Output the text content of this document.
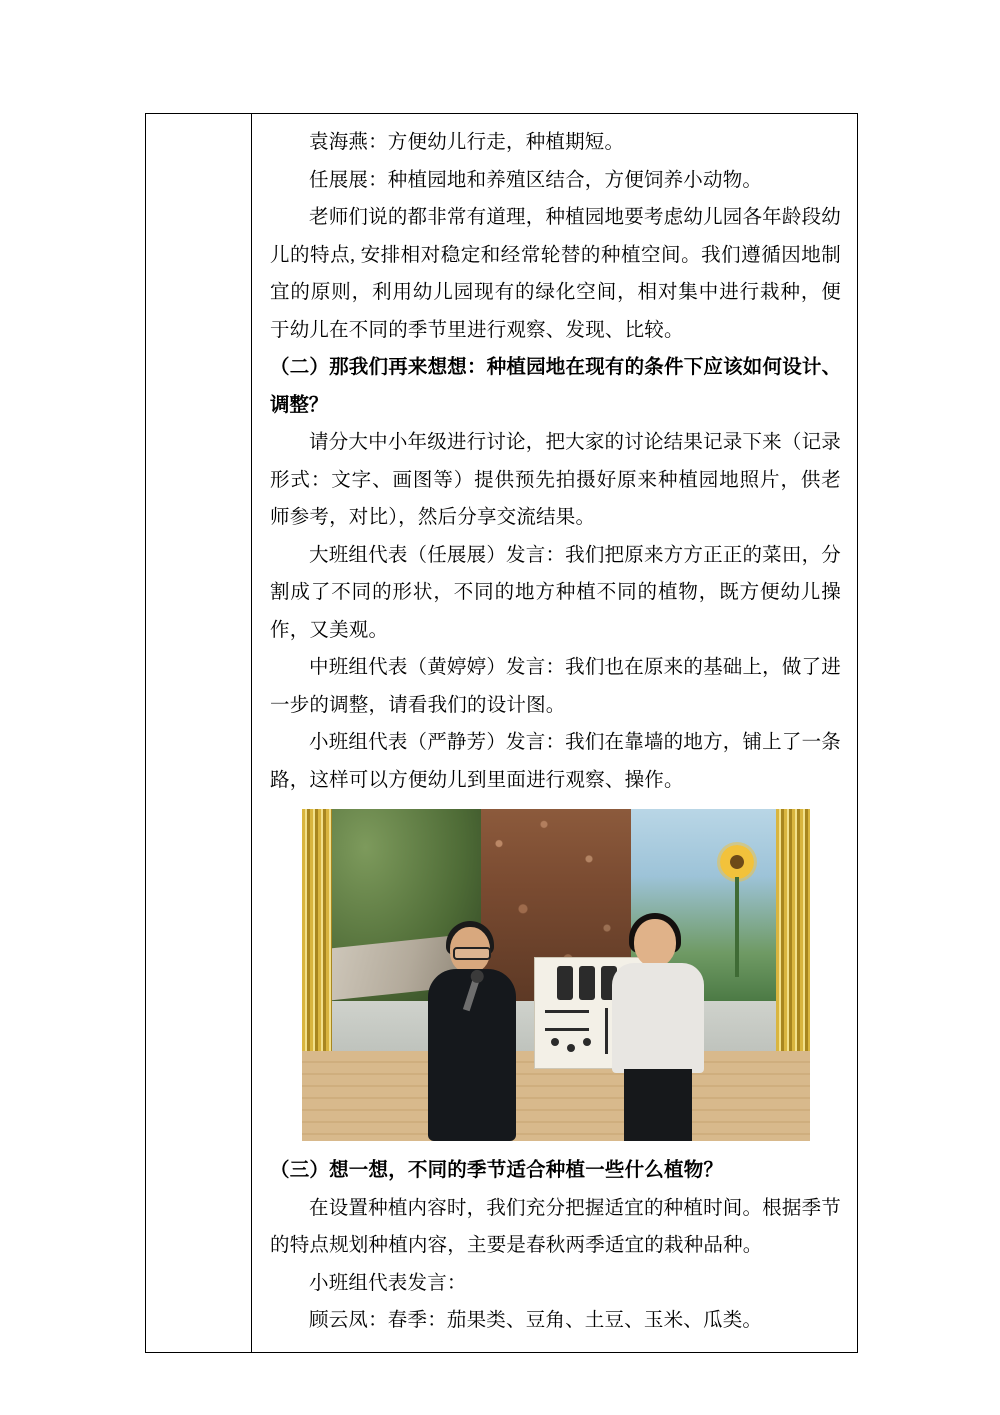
袁海燕：方便幼儿行走，种植期短。

任展展：种植园地和养殖区结合，方便饲养小动物。

老师们说的都非常有道理，种植园地要考虑幼儿园各年龄段幼儿的特点, 安排相对稳定和经常轮替的种植空间。我们遵循因地制宜的原则，利用幼儿园现有的绿化空间，相对集中进行栽种，便于幼儿在不同的季节里进行观察、发现、比较。

（二）那我们再来想想：种植园地在现有的条件下应该如何设计、调整？

请分大中小年级进行讨论，把大家的讨论结果记录下来（记录形式：文字、画图等）提供预先拍摄好原来种植园地照片，供老师参考，对比），然后分享交流结果。

大班组代表（任展展）发言：我们把原来方方正正的菜田，分割成了不同的形状，不同的地方种植不同的植物，既方便幼儿操作，又美观。

中班组代表（黄婷婷）发言：我们也在原来的基础上，做了进一步的调整，请看我们的设计图。

小班组代表（严静芳）发言：我们在靠墙的地方，铺上了一条路，这样可以方便幼儿到里面进行观察、操作。

（三）想一想，不同的季节适合种植一些什么植物？

在设置种植内容时，我们充分把握适宜的种植时间。根据季节的特点规划种植内容，主要是春秋两季适宜的栽种品种。

小班组代表发言：

顾云凤：春季：茄果类、豆角、土豆、玉米、瓜类。
